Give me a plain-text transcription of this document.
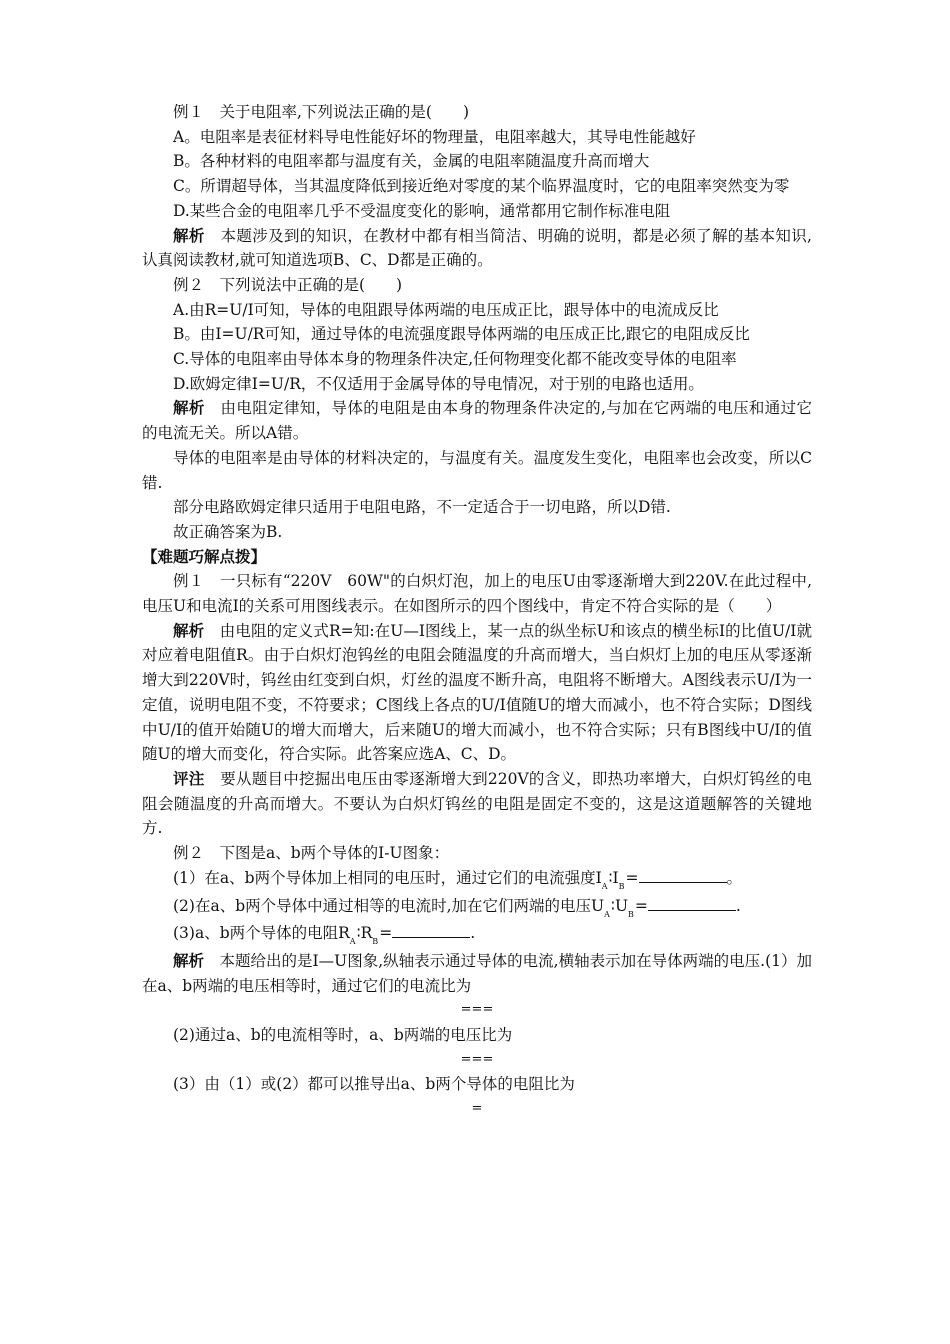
例１　关于电阻率,下列说法正确的是(　　)

A。电阻率是表征材料导电性能好坏的物理量，电阻率越大，其导电性能越好

B。各种材料的电阻率都与温度有关，金属的电阻率随温度升高而增大

C。所谓超导体，当其温度降低到接近绝对零度的某个临界温度时，它的电阻率突然变为零

D.某些合金的电阻率几乎不受温度变化的影响，通常都用它制作标准电阻

解析　本题涉及到的知识，在教材中都有相当简洁、明确的说明，都是必须了解的基本知识,认真阅读教材,就可知道选项B、C、D都是正确的。

例２　下列说法中正确的是(　　)

A.由R=U/I可知，导体的电阻跟导体两端的电压成正比，跟导体中的电流成反比

B。由I=U/R可知，通过导体的电流强度跟导体两端的电压成正比,跟它的电阻成反比

C.导体的电阻率由导体本身的物理条件决定,任何物理变化都不能改变导体的电阻率

D.欧姆定律I=U/R，不仅适用于金属导体的导电情况，对于别的电路也适用。

解析　由电阻定律知，导体的电阻是由本身的物理条件决定的,与加在它两端的电压和通过它的电流无关。所以A错。

导体的电阻率是由导体的材料决定的，与温度有关。温度发生变化，电阻率也会改变，所以C错.

部分电路欧姆定律只适用于电阻电路，不一定适合于一切电路，所以D错.

故正确答案为B.

【难题巧解点拨】

例１　一只标有“220V　60W"的白炽灯泡，加上的电压U由零逐渐增大到220V.在此过程中,电压U和电流I的关系可用图线表示。在如图所示的四个图线中，肯定不符合实际的是（　　）

解析　由电阻的定义式R=知:在U—I图线上，某一点的纵坐标U和该点的横坐标I的比值U/I就对应着电阻值R。由于白炽灯泡钨丝的电阻会随温度的升高而增大，当白炽灯上加的电压从零逐渐增大到220V时，钨丝由红变到白炽，灯丝的温度不断升高，电阻将不断增大。A图线表示U/I为一定值，说明电阻不变，不符要求；C图线上各点的U/I值随U的增大而减小，也不符合实际；D图线中U/I的值开始随U的增大而增大，后来随U的增大而减小，也不符合实际；只有B图线中U/I的值随U的增大而变化，符合实际。此答案应选A、C、D。

评注　要从题目中挖掘出电压由零逐渐增大到220V的含义，即热功率增大，白炽灯钨丝的电阻会随温度的升高而增大。不要认为白炽灯钨丝的电阻是固定不变的，这是这道题解答的关键地方.

例２　下图是a、b两个导体的I-U图象：

(1）在a、b两个导体加上相同的电压时，通过它们的电流强度$I_A∶I_B=$	。

(2)在a、b两个导体中通过相等的电流时,加在它们两端的电压$U_A∶U_B=$	.

(3)a、b两个导体的电阻$R_A∶R_B=$	.

解析　本题给出的是I—U图象,纵轴表示通过导体的电流,横轴表示加在导体两端的电压.(1）加在a、b两端的电压相等时，通过它们的电流比为

===

(2)通过a、b的电流相等时，a、b两端的电压比为

===

(3）由（1）或(2）都可以推导出a、b两个导体的电阻比为

=
